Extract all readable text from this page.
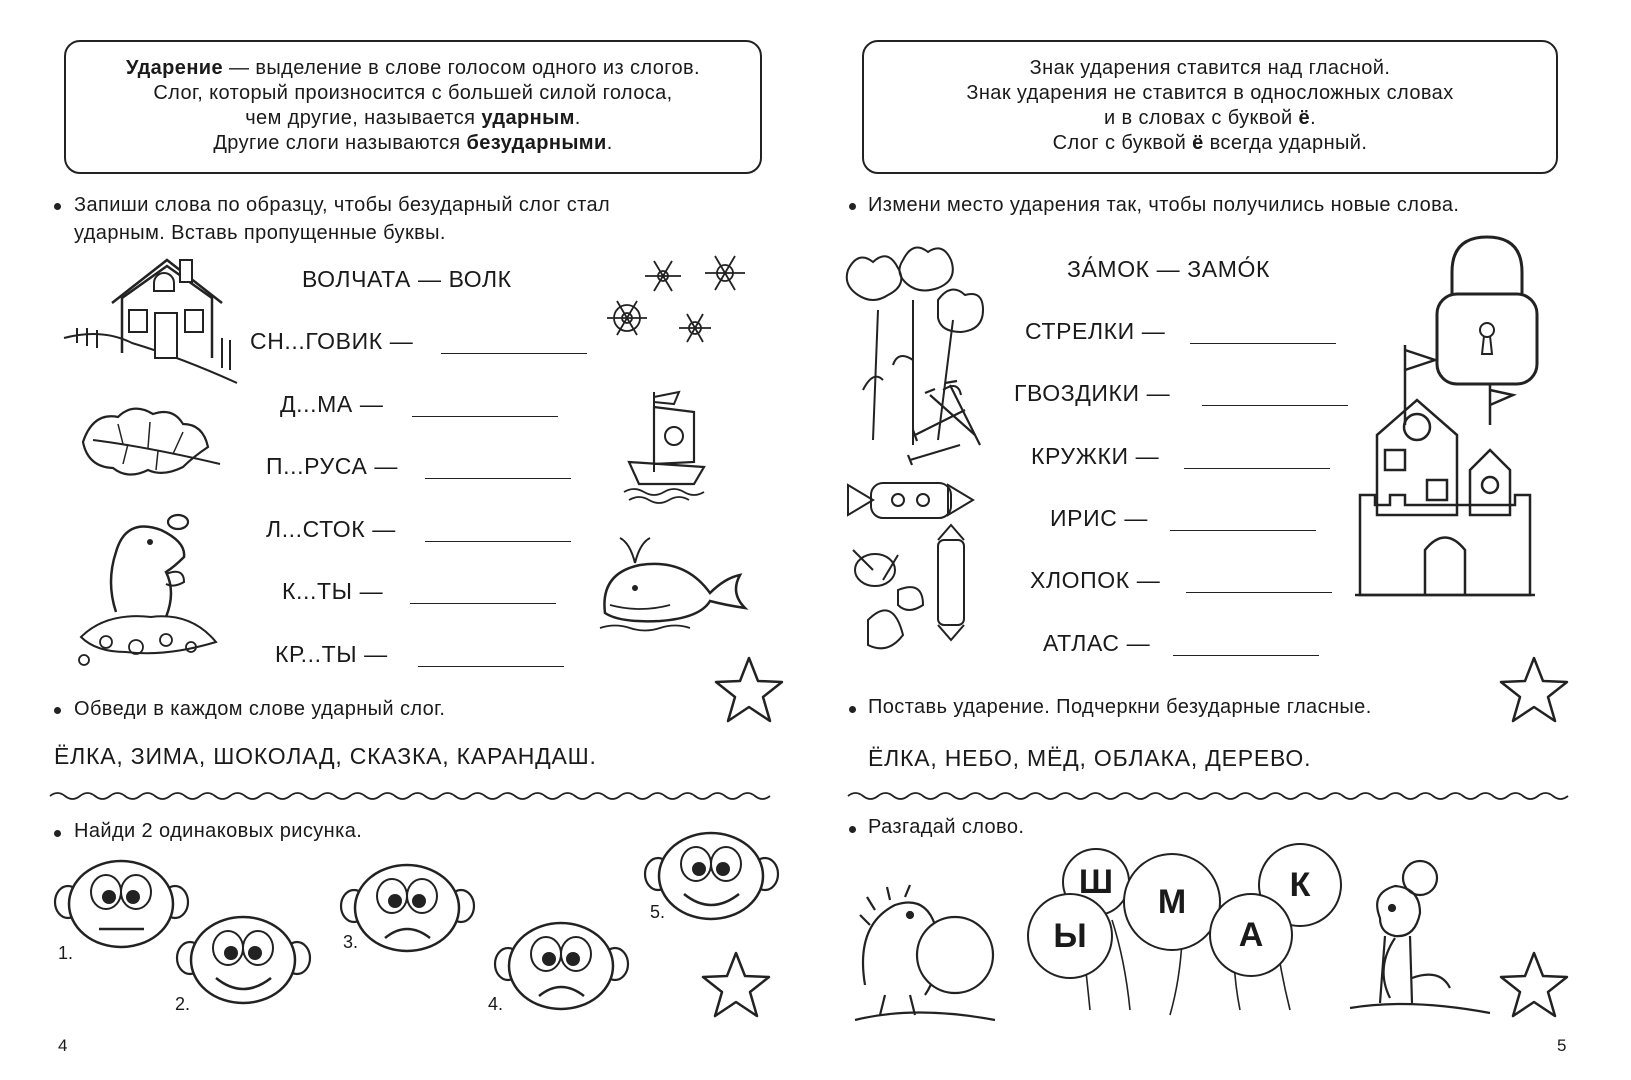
Ударение — выделение в слове голосом одного из слогов.

Слог, который произносится с большей силой голоса,

чем другие, называется ударным.

Другие слоги называются безударными.

Запиши слова по образцу, чтобы безударный слог стал
ударным. Вставь пропущенные буквы.
ВОЛЧАТА — ВОЛК
СН...ГОВИК —
Д...МА —
П...РУСА —
Л...СТОК —
К...ТЫ —
КР...ТЫ —
Обведи в каждом слове ударный слог.
ЁЛКА, ЗИМА, ШОКОЛАД, СКАЗКА, КАРАНДАШ.
Найди 2 одинаковых рисунка.
1.
2.
3.
4.
5.
4

Знак ударения ставится над гласной.

Знак ударения не ставится в односложных словах

и в словах с буквой ё.

Слог с буквой ё всегда ударный.

Измени место ударения так, чтобы получились новые слова.
ЗА́МОК — ЗАМО́К
СТРЕЛКИ —
ГВОЗДИКИ —
КРУЖКИ —
ИРИС —
ХЛОПОК —
АТЛАС —
Поставь ударение. Подчеркни безударные гласные.
ЁЛКА, НЕБО, МЁД, ОБЛАКА, ДЕРЕВО.
Разгадай слово.
Ш
М	К
Ы	А
5
